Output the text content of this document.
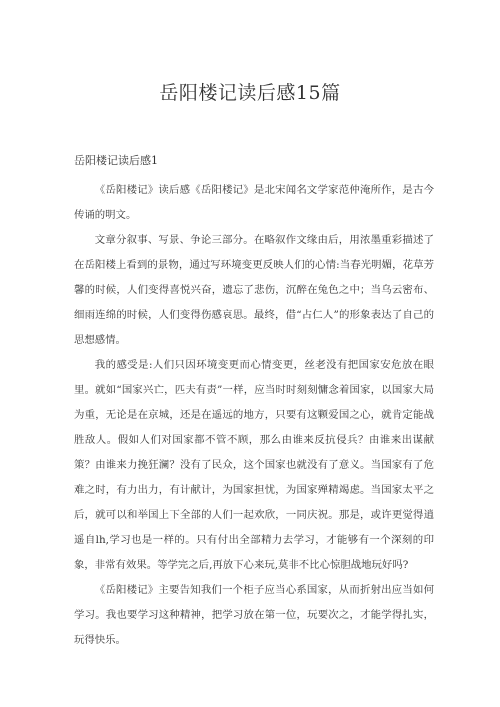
岳阳楼记读后感15篇

岳阳楼记读后感1

《岳阳楼记》读后感《岳阳楼记》是北宋闻名文学家范仲淹所作，是古今传诵的明文。

文章分叙事、写景、争论三部分。在略叙作文缘由后，用浓墨重彩描述了在岳阳楼上看到的景物，通过写环境变更反映人们的心情:当春光明媚，花草芳馨的时候，人们变得喜悦兴奋，遗忘了悲伤，沉醉在兔色之中；当乌云密布、细雨连绵的时候，人们变得伤感哀思。最终，借“占仁人”的形象表达了自己的思想感情。

我的感受是:人们只因环境变更而心情变更，丝老没有把国家安危放在眼里。就如“国家兴亡，匹夫有责”一样，应当时时刻刻慵念着国家，以国家大局为重，无论是在京城，还是在遥远的地方，只要有这颗爱国之心，就肯定能战胜敌人。假如人们对国家都不管不顾，那么由谁来反抗侵兵？由谁来出谋献策？由谁来力挽狂澜？没有了民众，这个国家也就没有了意义。当国家有了危难之时，有力出力，有计献计，为国家担忧，为国家殚精竭虑。当国家太平之后，就可以和举国上下全部的人们一起欢欣，一同庆祝。那是，或许更觉得逍遥自lh,学习也是一样的。只有付出全部精力去学习，才能够有一个深刻的印象，非常有效果。等学完之后,再放下心来玩,莫非不比心惊胆战地玩好吗?

《岳阳楼记》主要告知我们一个柜子应当心系国家，从而折射出应当如何学习。我也要学习这种精神，把学习放在第一位，玩要次之，才能学得扎实，玩得快乐。
